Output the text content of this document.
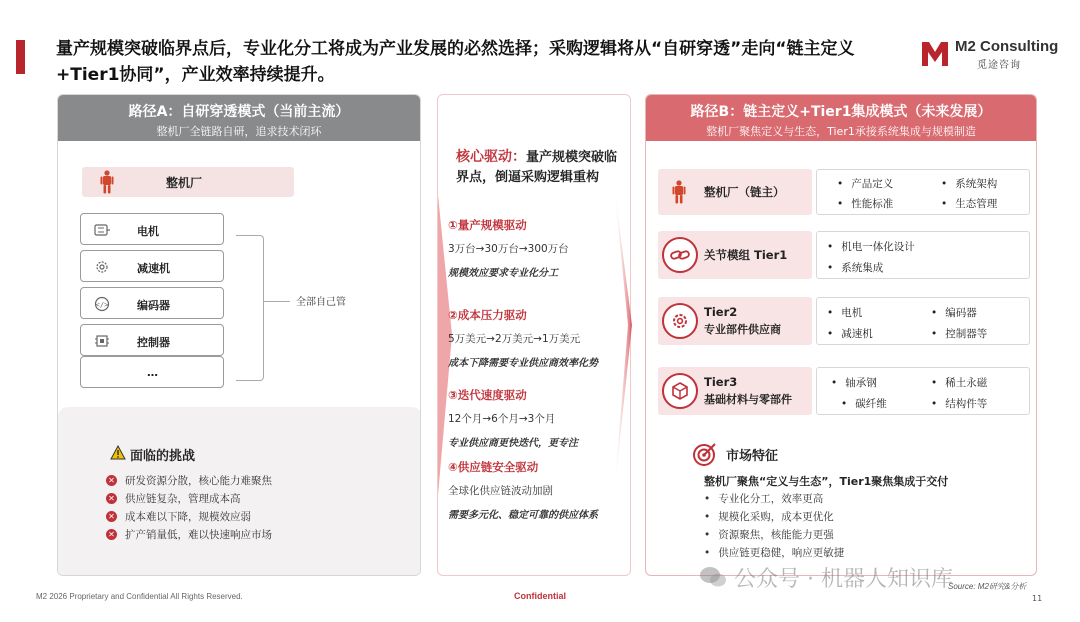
量产规模突破临界点后，专业化分工将成为产业发展的必然选择；采购逻辑将从“自研穿透”走向“链主定义+Tier1协同”，产业效率持续提升。
M2 Consulting
觅途咨询
路径A：自研穿透模式（当前主流）
整机厂全链路自研，追求技术闭环
整机厂
电机
减速机
</>	编码器
控制器
…
全部自己管
面临的挑战
✕ 研发资源分散，核心能力难聚焦
✕ 供应链复杂，管理成本高
✕ 成本难以下降，规模效应弱
✕ 扩产销量低，难以快速响应市场
核心驱动：量产规模突破临界点，倒逼采购逻辑重构
①量产规模驱动
3万台→30万台→300万台
规模效应要求专业化分工
②成本压力驱动
5万美元→2万美元→1万美元
成本下降需要专业供应商效率化势
③迭代速度驱动
12个月→6个月→3个月
专业供应商更快迭代，更专注
④供应链安全驱动
全球化供应链波动加剧
需要多元化、稳定可靠的供应体系
路径B：链主定义+Tier1集成模式（未来发展）
整机厂聚焦定义与生态，Tier1承接系统集成与规模制造
整机厂（链主）
• 产品定义	• 系统架构
• 性能标准	• 生态管理
关节模组 Tier1
• 机电一体化设计
• 系统集成
Tier2
专业部件供应商
• 电机	• 编码器
• 减速机	• 控制器等
Tier3
基础材料与零部件
• 轴承钢	• 稀土永磁
• 碳纤维	• 结构件等
市场特征
整机厂聚焦“定义与生态”，Tier1聚焦集成于交付
• 专业化分工，效率更高
• 规模化采购，成本更优化
• 资源聚焦，核能能力更强
• 供应链更稳健，响应更敏捷
M2 2026 Proprietary and Confidential All Rights Reserved.	Confidential
Source: M2研究&分析
11
公众号 · 机器人知识库
